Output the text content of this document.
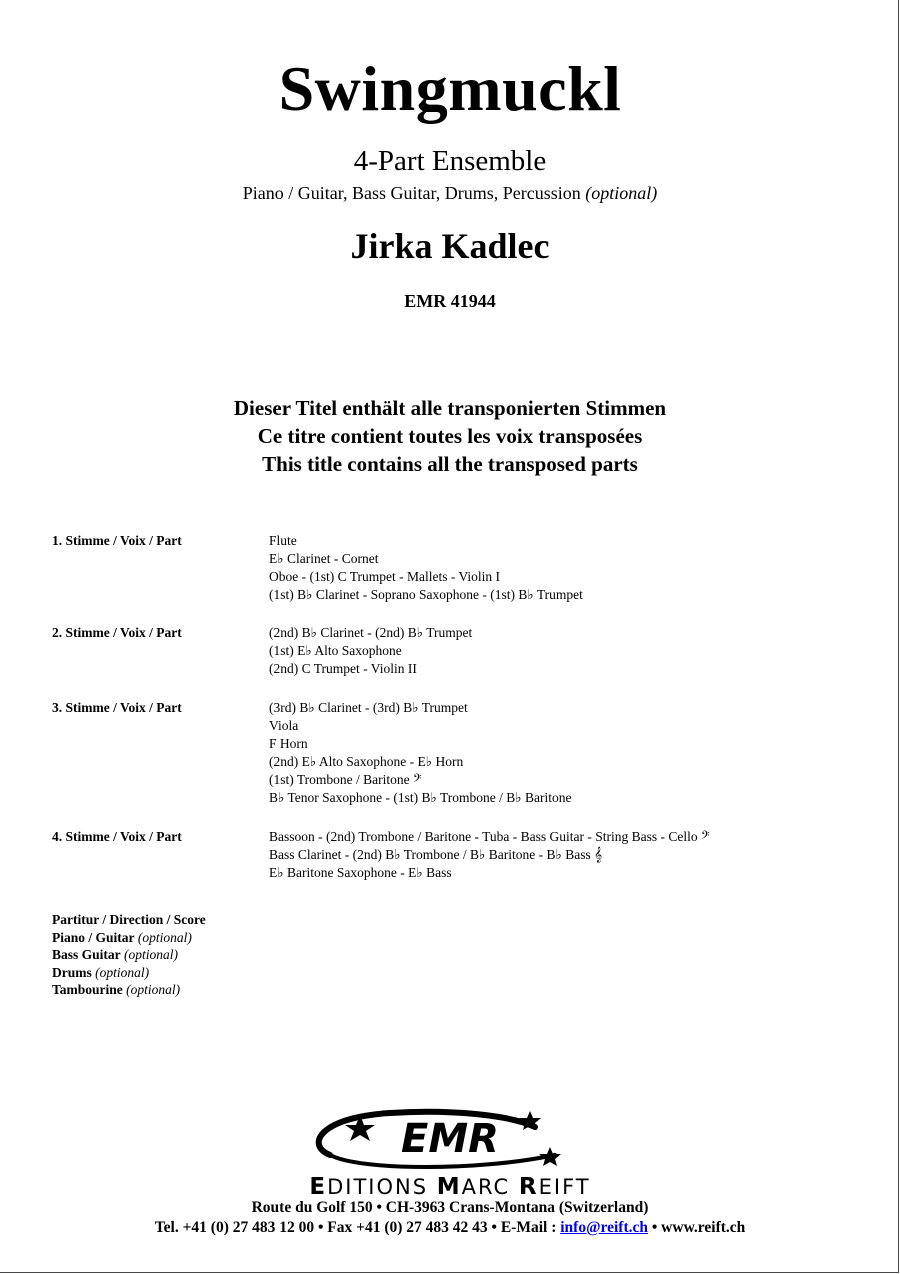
Swingmuckl
4-Part Ensemble
Piano / Guitar, Bass Guitar, Drums, Percussion (optional)
Jirka Kadlec
EMR 41944
Dieser Titel enthält alle transponierten Stimmen
Ce titre contient toutes les voix transposées
This title contains all the transposed parts
1. Stimme / Voix / Part	Flute
E♭ Clarinet - Cornet
Oboe - (1st) C Trumpet - Mallets - Violin I
(1st) B♭ Clarinet - Soprano Saxophone - (1st) B♭ Trumpet
2. Stimme / Voix / Part	(2nd) B♭ Clarinet - (2nd) B♭ Trumpet
(1st) E♭ Alto Saxophone
(2nd) C Trumpet - Violin II
3. Stimme / Voix / Part	(3rd) B♭ Clarinet - (3rd) B♭ Trumpet
Viola
F Horn
(2nd) E♭ Alto Saxophone - E♭ Horn
(1st) Trombone / Baritone 𝄢
B♭ Tenor Saxophone - (1st) B♭ Trombone / B♭ Baritone
4. Stimme / Voix / Part	Bassoon - (2nd) Trombone / Baritone - Tuba - Bass Guitar - String Bass - Cello 𝄢
Bass Clarinet - (2nd) B♭ Trombone / B♭ Baritone - B♭ Bass 𝄞
E♭ Baritone Saxophone - E♭ Bass
Partitur / Direction / Score
Piano / Guitar (optional)
Bass Guitar (optional)
Drums (optional)
Tambourine (optional)
EMR
EDITIONS MARC REIFT
Route du Golf 150 • CH-3963 Crans-Montana (Switzerland)
Tel. +41 (0) 27 483 12 00 • Fax +41 (0) 27 483 42 43 • E-Mail : info@reift.ch • www.reift.ch
